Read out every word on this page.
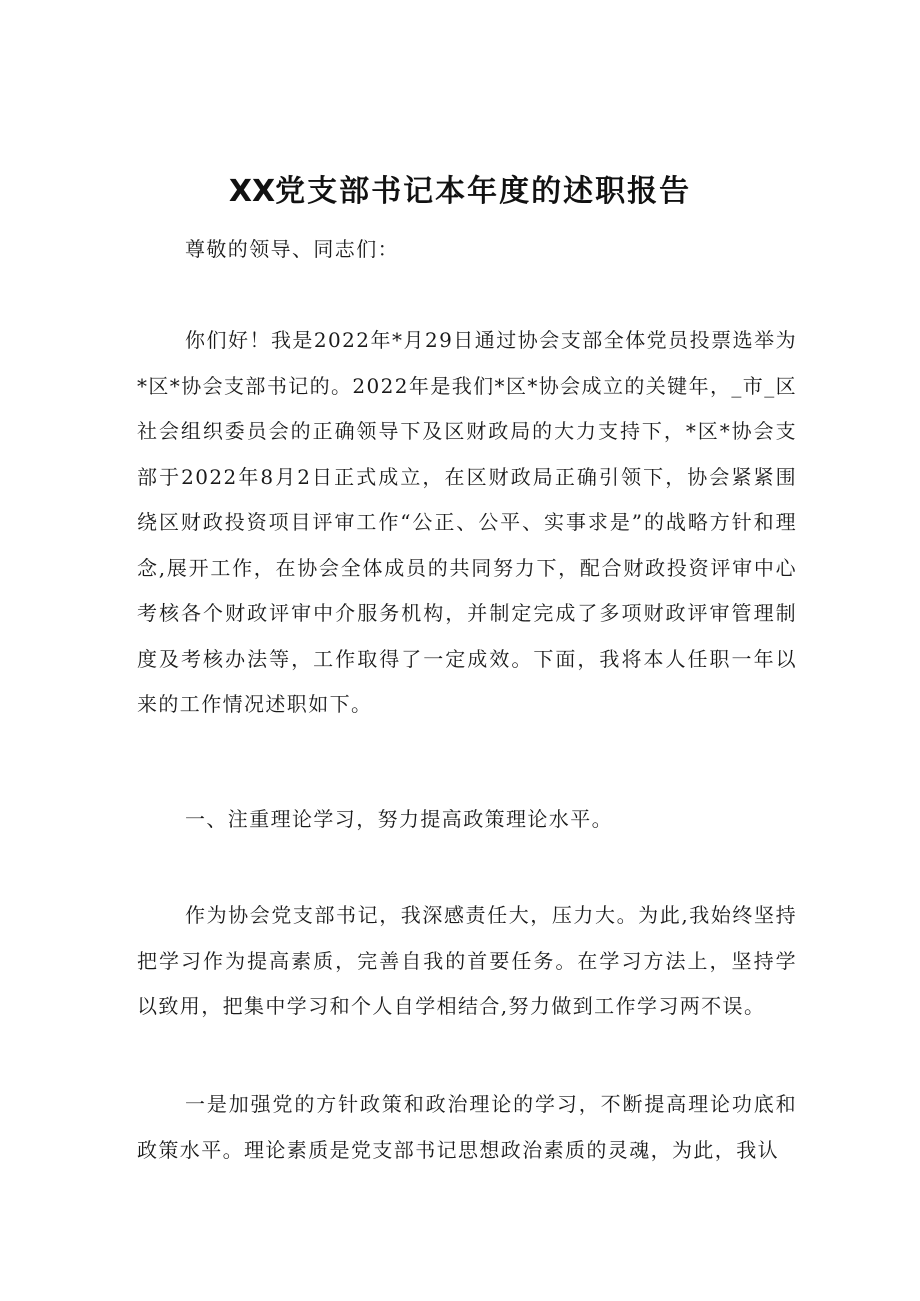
XX党支部书记本年度的述职报告

尊敬的领导、同志们：

你们好！我是2022年*月29日通过协会支部全体党员投票选举为*区*协会支部书记的。2022年是我们*区*协会成立的关键年，_市_区社会组织委员会的正确领导下及区财政局的大力支持下，*区*协会支部于2022年8月2日正式成立，在区财政局正确引领下，协会紧紧围绕区财政投资项目评审工作“公正、公平、实事求是”的战略方针和理念,展开工作，在协会全体成员的共同努力下，配合财政投资评审中心考核各个财政评审中介服务机构，并制定完成了多项财政评审管理制度及考核办法等，工作取得了一定成效。下面，我将本人任职一年以来的工作情况述职如下。

一、注重理论学习，努力提高政策理论水平。

作为协会党支部书记，我深感责任大，压力大。为此,我始终坚持把学习作为提高素质，完善自我的首要任务。在学习方法上，坚持学以致用，把集中学习和个人自学相结合,努力做到工作学习两不误。

一是加强党的方针政策和政治理论的学习，不断提高理论功底和政策水平。理论素质是党支部书记思想政治素质的灵魂，为此，我认
